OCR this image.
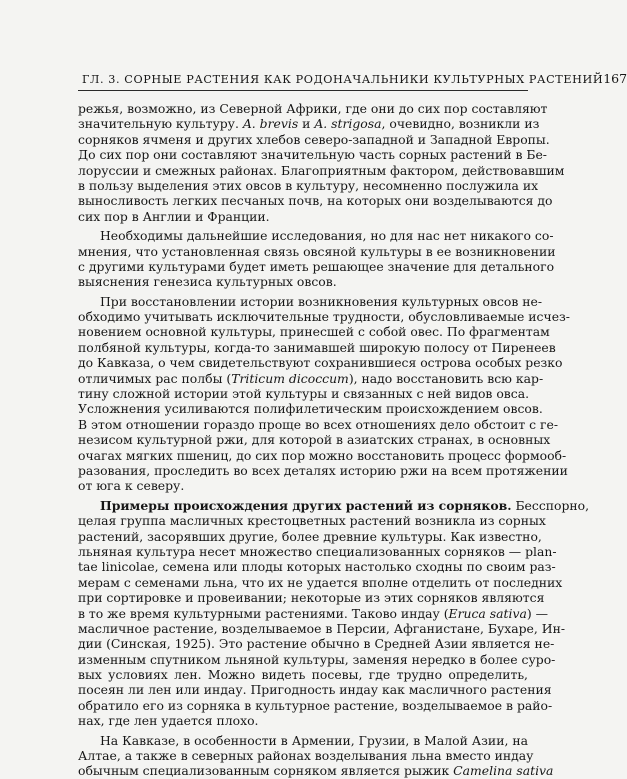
ГЛ. 3. СОРНЫЕ РАСТЕНИЯ КАК РОДОНАЧАЛЬНИКИ КУЛЬТУРНЫХ РАСТЕНИЙ 167
режья, возможно, из Северной Африки, где они до сих пор составляют
значительную культуру. A. brevis и A. strigosa, очевидно, возникли из
сорняков ячменя и других хлебов северо-западной и Западной Европы.
До сих пор они составляют значительную часть сорных растений в Бе-
лоруссии и смежных районах. Благоприятным фактором, действовавшим
в пользу выделения этих овсов в культуру, несомненно послужила их
выносливость легких песчаных почв, на которых они возделываются до
сих пор в Англии и Франции.
Необходимы дальнейшие исследования, но для нас нет никакого со-
мнения, что установленная связь овсяной культуры в ее возникновении
с другими культурами будет иметь решающее значение для детального
выяснения генезиса культурных овсов.
При восстановлении истории возникновения культурных овсов не-
обходимо учитывать исключительные трудности, обусловливаемые исчез-
новением основной культуры, принесшей с собой овес. По фрагментам
полбяной культуры, когда-то занимавшей широкую полосу от Пиренеев
до Кавказа, о чем свидетельствуют сохранившиеся острова особых резко
отличимых рас полбы (Triticum dicoccum), надо восстановить всю кар-
тину сложной истории этой культуры и связанных с ней видов овса.
Усложнения усиливаются полифилетическим происхождением овсов.
В этом отношении гораздо проще во всех отношениях дело обстоит с ге-
незисом культурной ржи, для которой в азиатских странах, в основных
очагах мягких пшениц, до сих пор можно восстановить процесс формооб-
разования, проследить во всех деталях историю ржи на всем протяжении
от юга к северу.
Примеры происхождения других растений из сорняков. Бесспорно,
целая группа масличных крестоцветных растений возникла из сорных
растений, засорявших другие, более древние культуры. Как известно,
льняная культура несет множество специализованных сорняков — plan-
tae linicolae, семена или плоды которых настолько сходны по своим раз-
мерам с семенами льна, что их не удается вполне отделить от последних
при сортировке и провеивании; некоторые из этих сорняков являются
в то же время культурными растениями. Таково индау (Eruca sativa) —
масличное растение, возделываемое в Персии, Афганистане, Бухаре, Ин-
дии (Синская, 1925). Это растение обычно в Средней Азии является не-
изменным спутником льняной культуры, заменяя нередко в более суро-
вых условиях лен. Можно видеть посевы, где трудно определить,
посеян ли лен или индау. Пригодность индау как масличного растения
обратило его из сорняка в культурное растение, возделываемое в райо-
нах, где лен удается плохо.
На Кавказе, в особенности в Армении, Грузии, в Малой Азии, на
Алтае, а также в северных районах возделывания льна вместо индау
обычным специализованным сорняком является рыжик Camelina sativa
